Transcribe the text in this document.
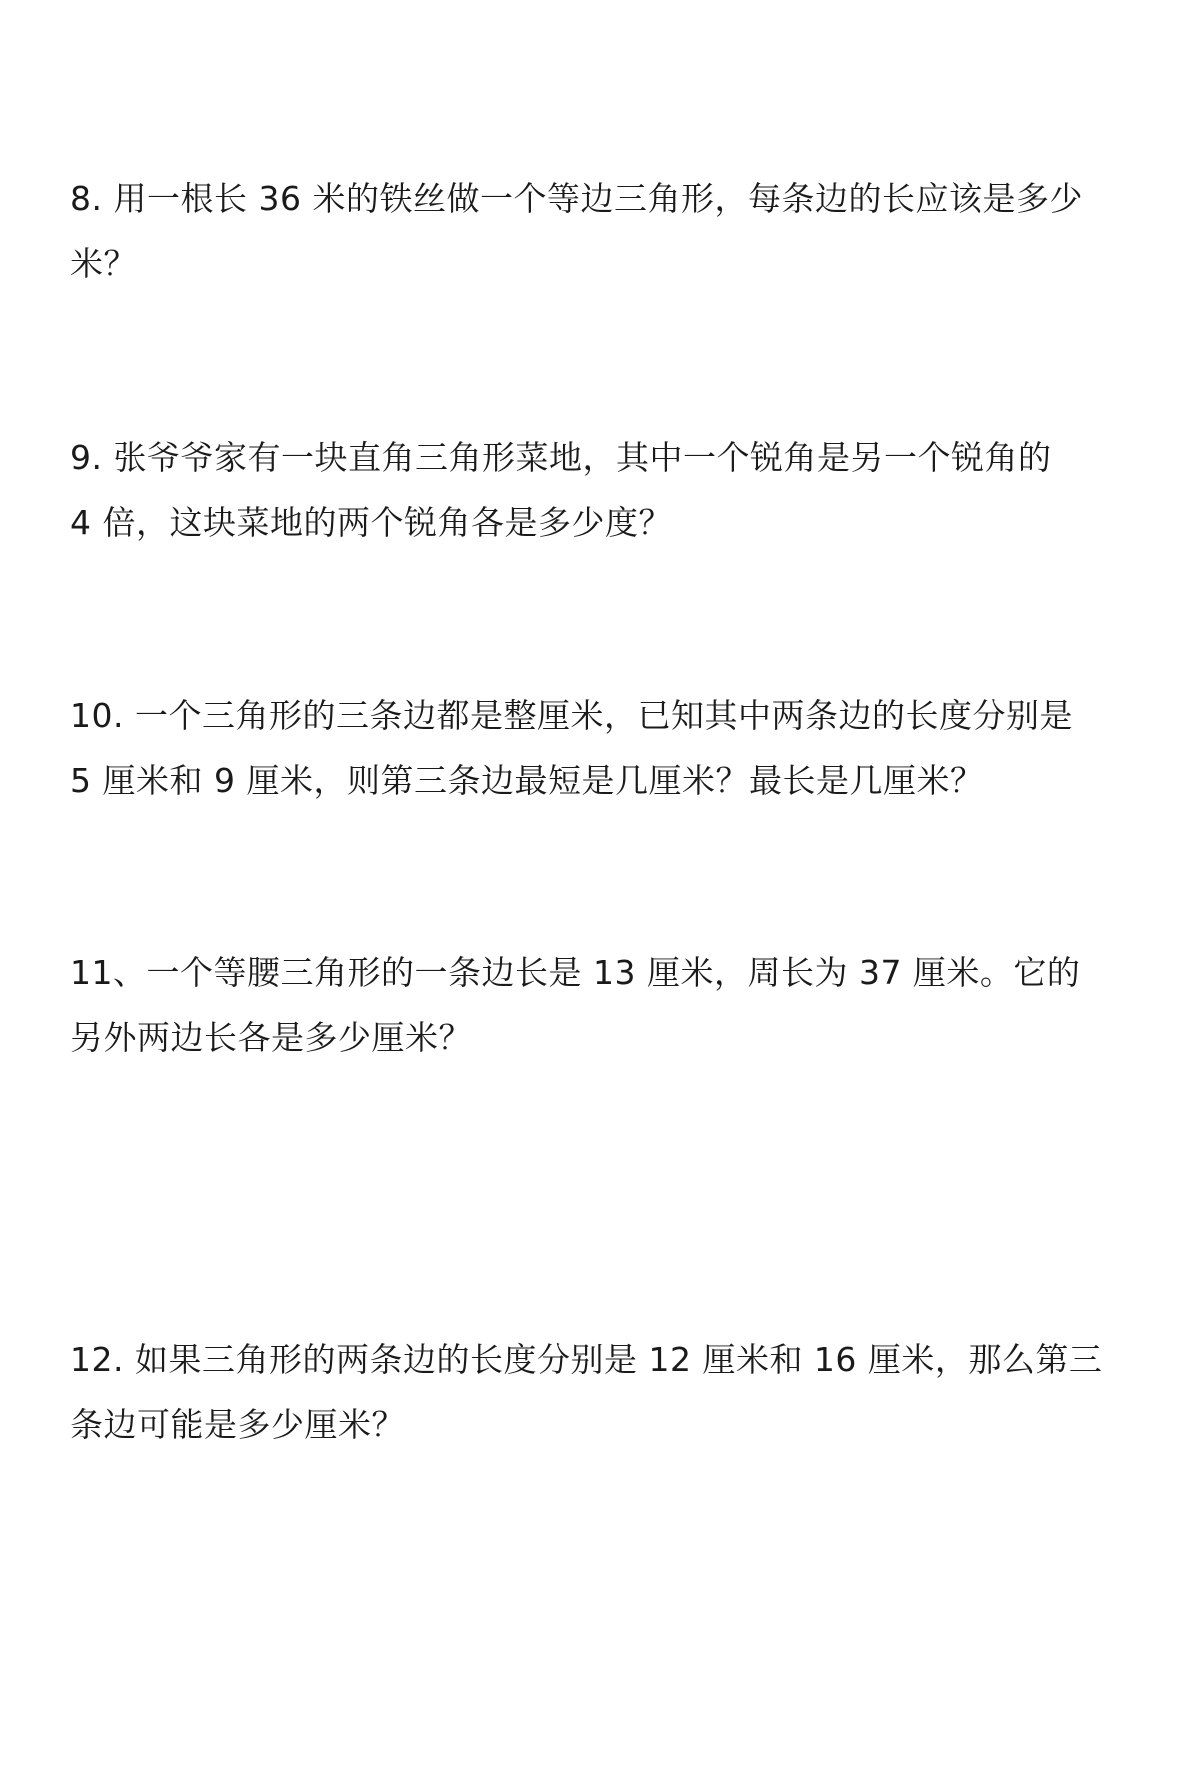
8. 用一根长 36 米的铁丝做一个等边三角形，每条边的长应该是多少
米？

9. 张爷爷家有一块直角三角形菜地，其中一个锐角是另一个锐角的
4 倍，这块菜地的两个锐角各是多少度？

10. 一个三角形的三条边都是整厘米，已知其中两条边的长度分别是
5 厘米和 9 厘米，则第三条边最短是几厘米？最长是几厘米？

11、一个等腰三角形的一条边长是 13 厘米，周长为 37 厘米。它的
另外两边长各是多少厘米？

12. 如果三角形的两条边的长度分别是 12 厘米和 16 厘米，那么第三
条边可能是多少厘米？
